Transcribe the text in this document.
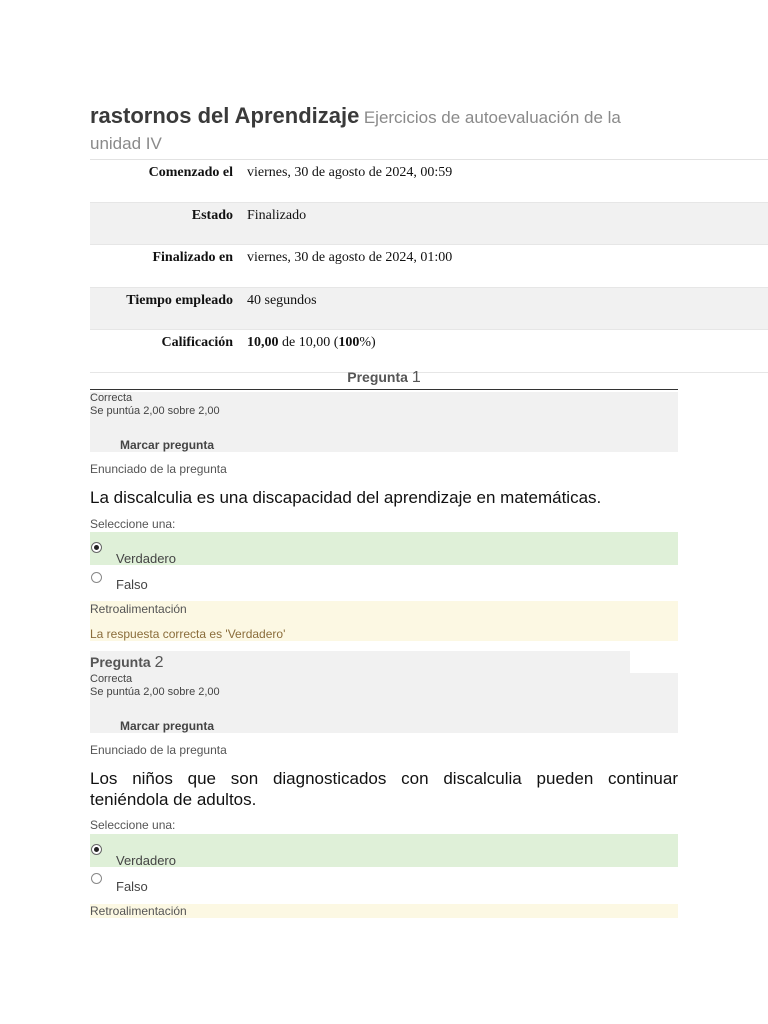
rastornos del Aprendizaje Ejercicios de autoevaluación de la unidad IV
Comenzado el	viernes, 30 de agosto de 2024, 00:59
Estado	Finalizado
Finalizado en	viernes, 30 de agosto de 2024, 01:00
Tiempo empleado	40 segundos
Calificación	10,00 de 10,00 (100%)
Pregunta 1
Correcta
Se puntúa 2,00 sobre 2,00
Marcar pregunta
Enunciado de la pregunta
La discalculia es una discapacidad del aprendizaje en matemáticas.
Seleccione una:
Verdadero
Falso
Retroalimentación
La respuesta correcta es 'Verdadero'
Pregunta 2
Correcta
Se puntúa 2,00 sobre 2,00
Marcar pregunta
Enunciado de la pregunta
Los niños que son diagnosticados con discalculia pueden continuar teniéndola de adultos.
Seleccione una:
Verdadero
Falso
Retroalimentación
